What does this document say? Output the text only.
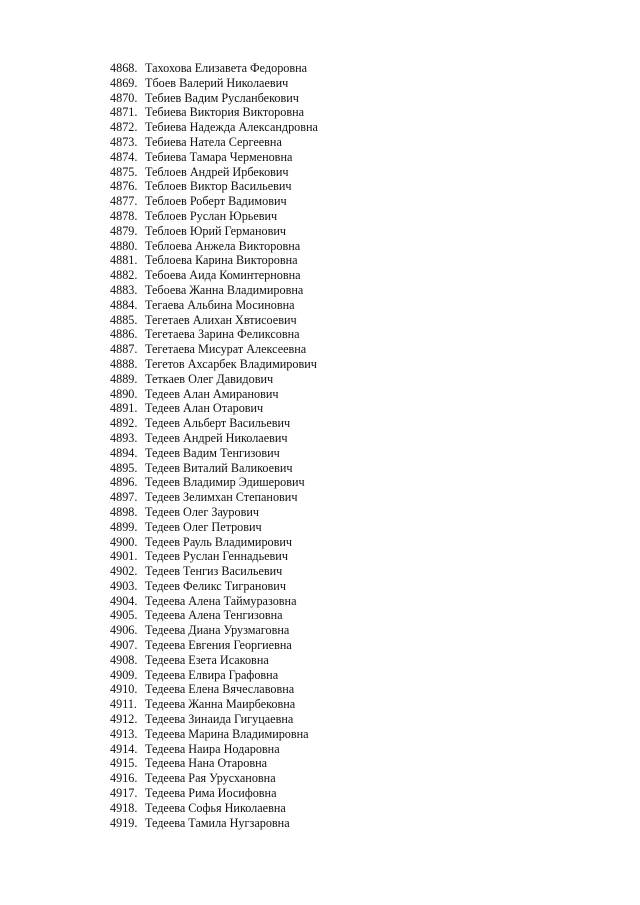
4868. Тахохова Елизавета Федоровна
4869. Тбоев Валерий Николаевич
4870. Тебиев Вадим Русланбекович
4871. Тебиева Виктория Викторовна
4872. Тебиева Надежда Александровна
4873. Тебиева Натела Сергеевна
4874. Тебиева Тамара Черменовна
4875. Теблоев Андрей Ирбекович
4876. Теблоев Виктор Васильевич
4877. Теблоев Роберт Вадимович
4878. Теблоев Руслан Юрьевич
4879. Теблоев Юрий Германович
4880. Теблоева Анжела Викторовна
4881. Теблоева Карина Викторовна
4882. Тебоева Аида Коминтерновна
4883. Тебоева Жанна Владимировна
4884. Тегаева Альбина Мосиновна
4885. Тегетаев Алихан Хвтисоевич
4886. Тегетаева Зарина Феликсовна
4887. Тегетаева Мисурат Алексеевна
4888. Тегетов Ахсарбек Владимирович
4889. Теткаев Олег Давидович
4890. Тедеев Алан Амиранович
4891. Тедеев Алан Отарович
4892. Тедеев Альберт Васильевич
4893. Тедеев Андрей Николаевич
4894. Тедеев Вадим Тенгизович
4895. Тедеев Виталий Валикоевич
4896. Тедеев Владимир Эдишерович
4897. Тедеев Зелимхан Степанович
4898. Тедеев Олег Заурович
4899. Тедеев Олег Петрович
4900. Тедеев Рауль Владимирович
4901. Тедеев Руслан Геннадьевич
4902. Тедеев Тенгиз Васильевич
4903. Тедеев Феликс Тигранович
4904. Тедеева Алена Таймуразовна
4905. Тедеева Алена Тенгизовна
4906. Тедеева Диана Урузмаговна
4907. Тедеева Евгения Георгиевна
4908. Тедеева Езета Исаковна
4909. Тедеева Елвира Графовна
4910. Тедеева Елена Вячеславовна
4911. Тедеева Жанна Маирбековна
4912. Тедеева Зинаида Гигуцаевна
4913. Тедеева Марина Владимировна
4914. Тедеева Наира Нодаровна
4915. Тедеева Нана Отаровна
4916. Тедеева Рая Урусхановна
4917. Тедеева Рима Иосифовна
4918. Тедеева Софья Николаевна
4919. Тедеева Тамила Нугзаровна
